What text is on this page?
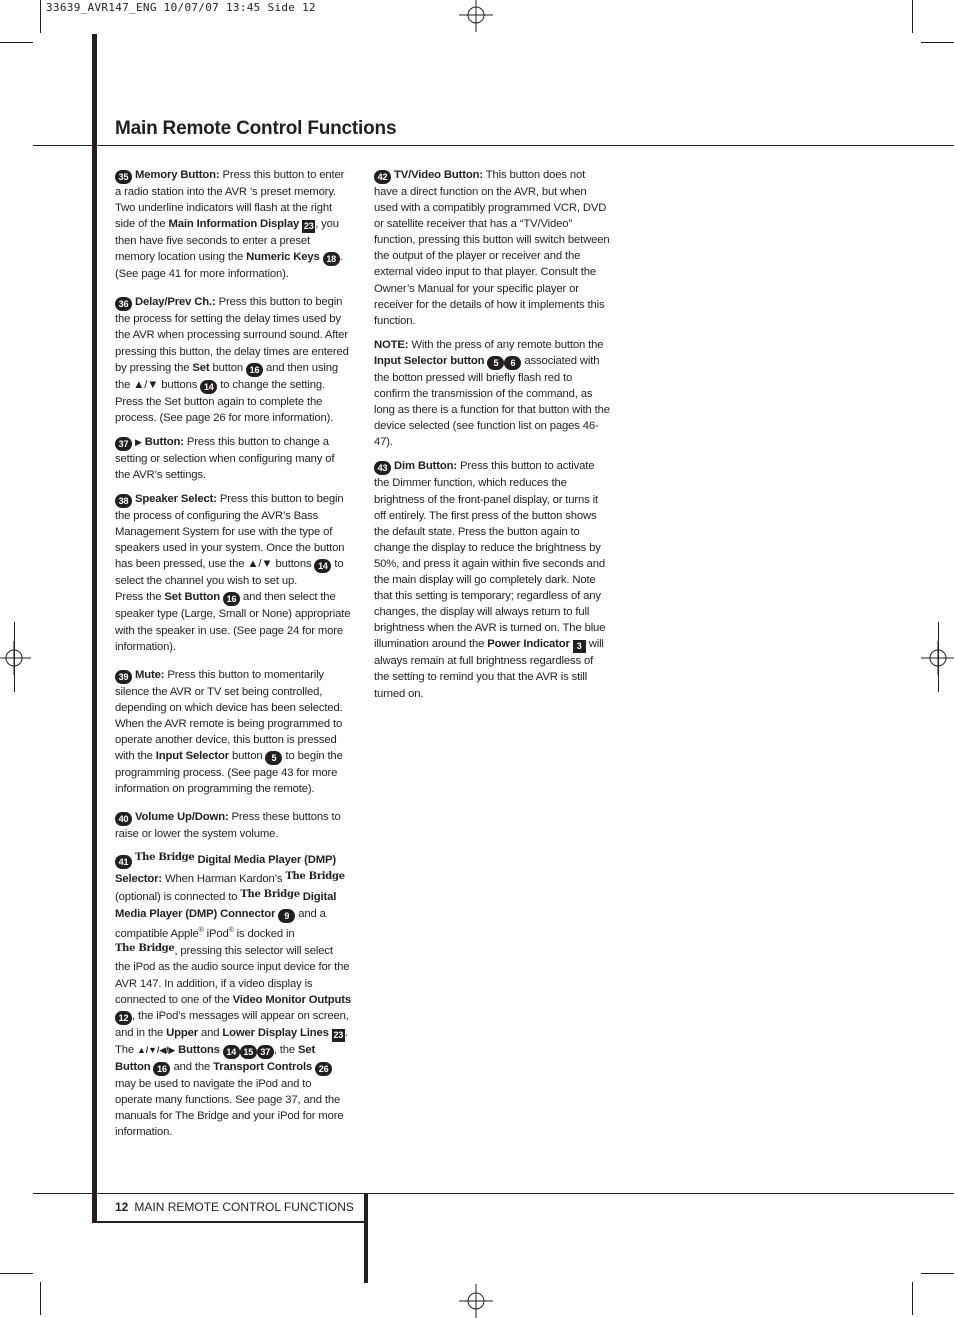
33639_AVR147_ENG 10/07/07 13:45 Side 12
Main Remote Control Functions

35 Memory Button: Press this button to enter a radio station into the AVR ’s preset memory. Two underline indicators will flash at the right side of the Main Information Display 23 , you then have five seconds to enter a preset memory location using the Numeric Keys 18 . (See page 41 for more information).

36 Delay/Prev Ch.: Press this button to begin the process for setting the delay times used by the AVR when processing surround sound. After pressing this button, the delay times are entered by pressing the Set button 16 and then using the ▲/▼ buttons 14 to change the setting. Press the Set button again to complete the process. (See page 26 for more information).

37 ▶ Button: Press this button to change a setting or selection when configuring many of the AVR’s settings.

38 Speaker Select: Press this button to begin the process of configuring the AVR’s Bass Management System for use with the type of speakers used in your system. Once the button has been pressed, use the ▲/▼ buttons 14 to select the channel you wish to set up.

Press the Set Button 16 and then select the speaker type (Large, Small or None) appropriate with the speaker in use. (See page 24 for more information).

39 Mute: Press this button to momentarily silence the AVR or TV set being controlled, depending on which device has been selected. When the AVR remote is being programmed to operate another device, this button is pressed with the Input Selector button 5 to begin the programming process. (See page 43 for more information on programming the remote).

40 Volume Up/Down: Press these buttons to raise or lower the system volume.

41 The Bridge Digital Media Player (DMP) Selector: When Harman Kardon’s The Bridge (optional) is connected to The Bridge Digital Media Player (DMP) Connector 9 and a compatible Apple® iPod® is docked in The Bridge, pressing this selector will select the iPod as the audio source input device for the AVR 147. In addition, if a video display is connected to one of the Video Monitor Outputs 12 , the iPod’s messages will appear on screen, and in the Upper and Lower Display Lines 23 . The ▲/▼/◀/▶ Buttons 14 15 37 , the Set Button 16 and the Transport Controls 26 may be used to navigate the iPod and to operate many functions. See page 37, and the manuals for The Bridge and your iPod for more information.

42 TV/Video Button: This button does not have a direct function on the AVR, but when used with a compatibly programmed VCR, DVD or satellite receiver that has a “TV/Video” function, pressing this button will switch between the output of the player or receiver and the external video input to that player. Consult the Owner’s Manual for your specific player or receiver for the details of how it implements this function.

NOTE: With the press of any remote button the Input Selector button 5 6 associated with the botton pressed will briefly flash red to confirm the transmission of the command, as long as there is a function for that button with the device selected (see function list on pages 46-47).

43 Dim Button: Press this button to activate the Dimmer function, which reduces the brightness of the front-panel display, or turns it off entirely. The first press of the button shows the default state. Press the button again to change the display to reduce the brightness by 50%, and press it again within five seconds and the main display will go completely dark. Note that this setting is temporary; regardless of any changes, the display will always return to full brightness when the AVR is turned on. The blue illumination around the Power Indicator 3 will always remain at full brightness regardless of the setting to remind you that the AVR is still turned on.

12 MAIN REMOTE CONTROL FUNCTIONS
